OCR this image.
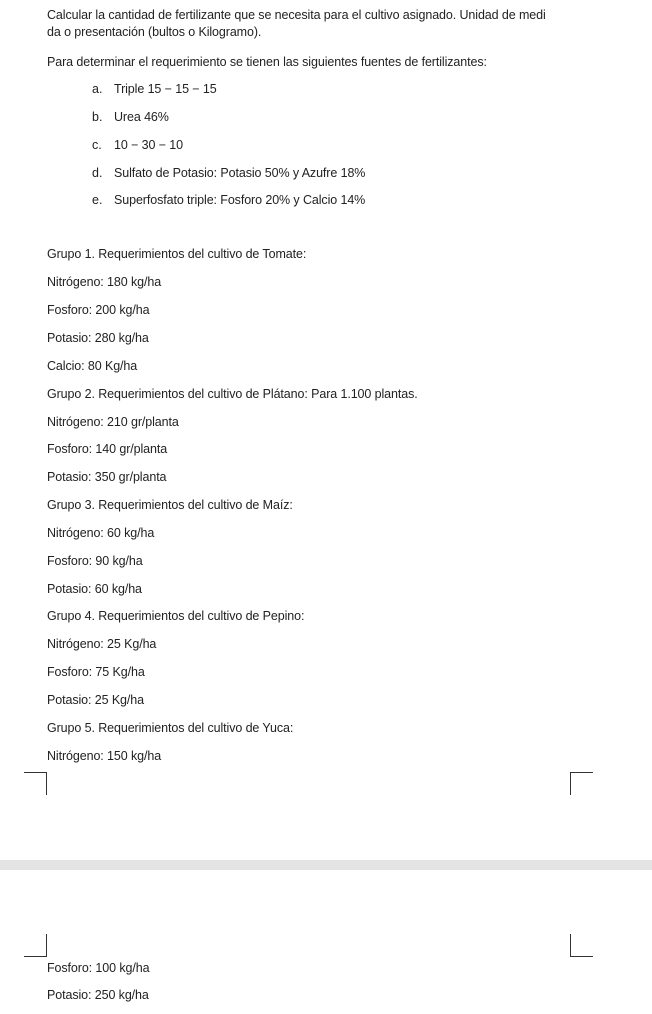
Calcular la cantidad de fertilizante que se necesita para el cultivo asignado. Unidad de medi
da o presentación (bultos o Kilogramo).
Para determinar el requerimiento se tienen las siguientes fuentes de fertilizantes:
a. Triple 15 − 15 − 15
b. Urea 46%
c. 10 − 30 − 10
d. Sulfato de Potasio: Potasio 50% y Azufre 18%
e. Superfosfato triple: Fosforo 20% y Calcio 14%
Grupo 1. Requerimientos del cultivo de Tomate:
Nitrógeno: 180 kg/ha
Fosforo: 200 kg/ha
Potasio: 280 kg/ha
Calcio: 80 Kg/ha
Grupo 2. Requerimientos del cultivo de Plátano: Para 1.100 plantas.
Nitrógeno: 210 gr/planta
Fosforo: 140 gr/planta
Potasio: 350 gr/planta
Grupo 3. Requerimientos del cultivo de Maíz:
Nitrógeno: 60 kg/ha
Fosforo: 90 kg/ha
Potasio: 60 kg/ha
Grupo 4. Requerimientos del cultivo de Pepino:
Nitrógeno: 25 Kg/ha
Fosforo: 75 Kg/ha
Potasio: 25 Kg/ha
Grupo 5. Requerimientos del cultivo de Yuca:
Nitrógeno: 150 kg/ha
Fosforo: 100 kg/ha
Potasio: 250 kg/ha
